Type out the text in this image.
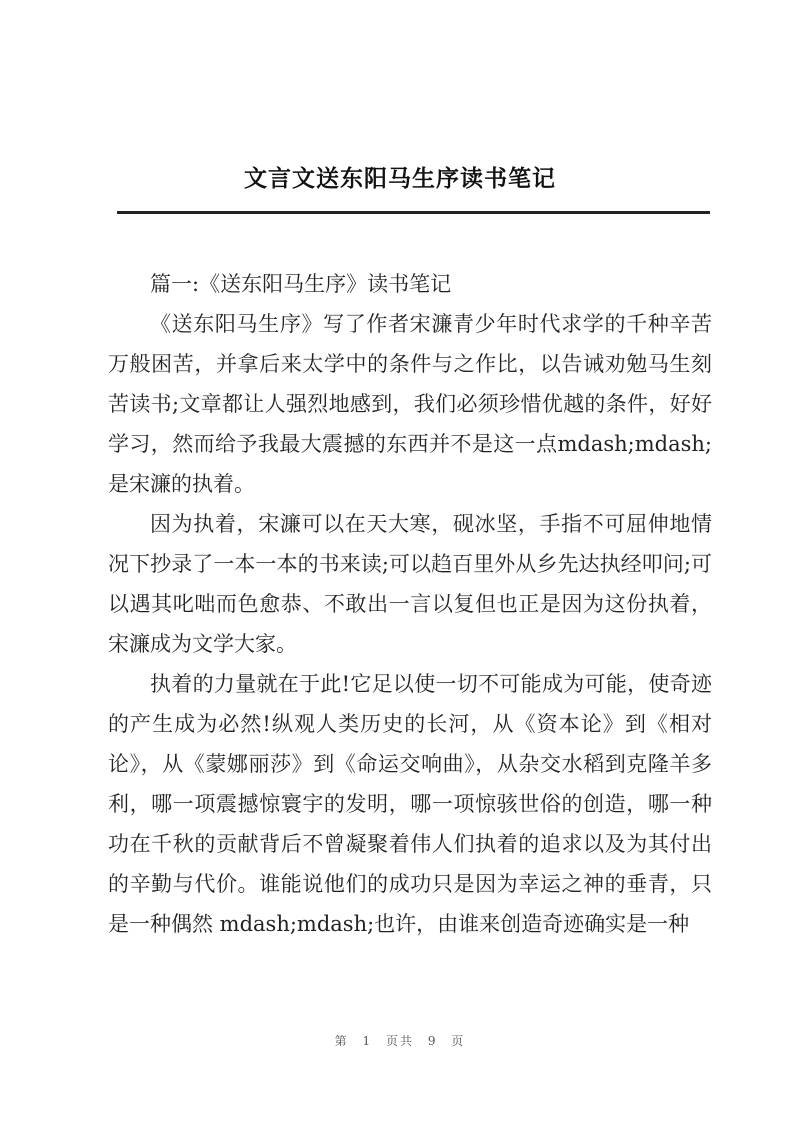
文言文送东阳马生序读书笔记

篇一:《送东阳马生序》读书笔记

《送东阳马生序》写了作者宋濂青少年时代求学的千种辛苦万般困苦，并拿后来太学中的条件与之作比，以告诫劝勉马生刻苦读书;文章都让人强烈地感到，我们必须珍惜优越的条件，好好学习，然而给予我最大震撼的东西并不是这一点mdash;mdash;是宋濂的执着。

因为执着，宋濂可以在天大寒，砚冰坚，手指不可屈伸地情况下抄录了一本一本的书来读;可以趋百里外从乡先达执经叩问;可以遇其叱咄而色愈恭、不敢出一言以复但也正是因为这份执着，宋濂成为文学大家。

执着的力量就在于此!它足以使一切不可能成为可能，使奇迹的产生成为必然!纵观人类历史的长河，从《资本论》到《相对论》，从《蒙娜丽莎》到《命运交响曲》，从杂交水稻到克隆羊多利，哪一项震撼惊寰宇的发明，哪一项惊骇世俗的创造，哪一种功在千秋的贡献背后不曾凝聚着伟人们执着的追求以及为其付出的辛勤与代价。谁能说他们的成功只是因为幸运之神的垂青，只是一种偶然 mdash;mdash;也许，由谁来创造奇迹确实是一种

第 1 页共 9 页
